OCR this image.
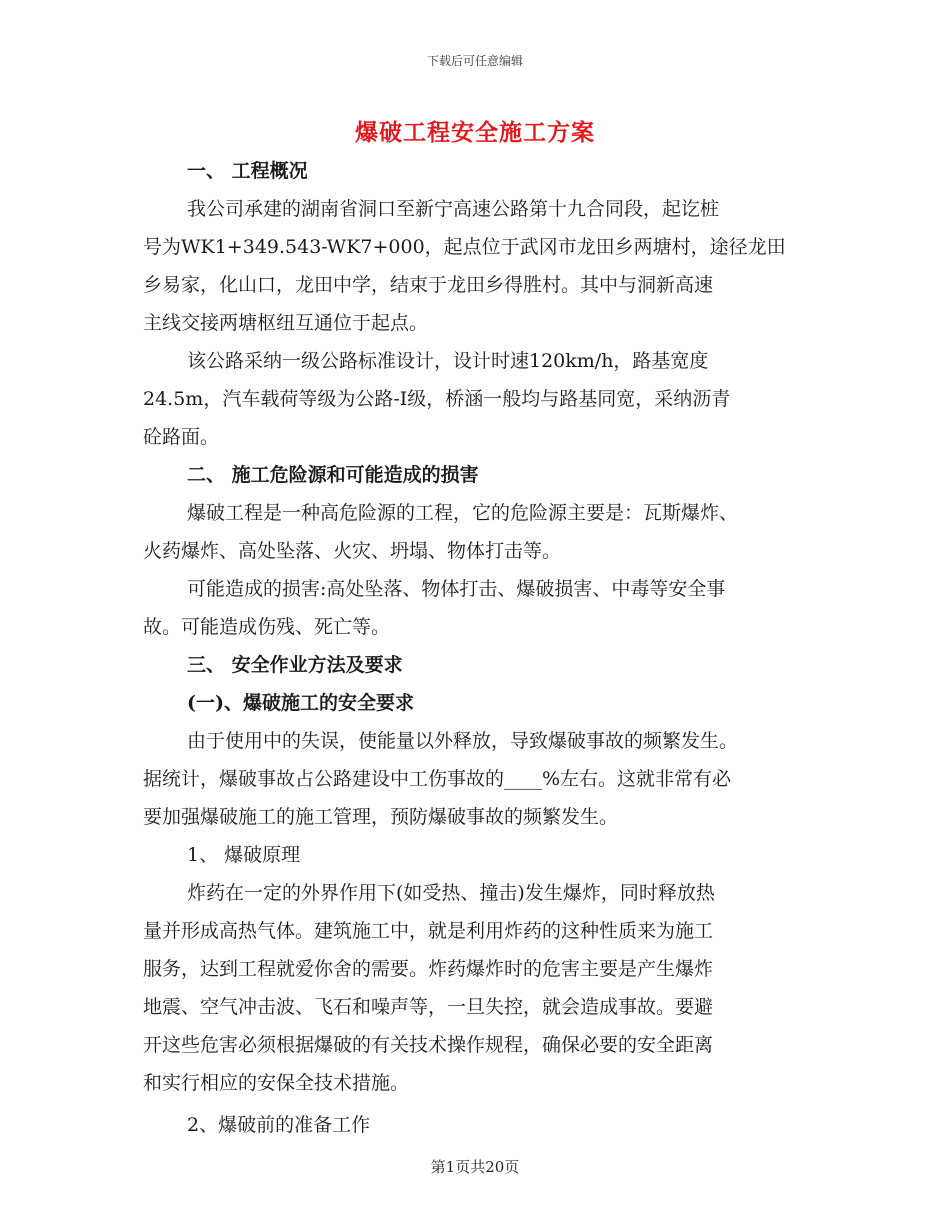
下载后可任意编辑
爆破工程安全施工方案
一、 工程概况
我公司承建的湖南省洞口至新宁高速公路第十九合同段，起讫桩
号为WK1+349.543-WK7+000，起点位于武冈市龙田乡两塘村，途径龙田
乡易家，化山口，龙田中学，结束于龙田乡得胜村。其中与洞新高速
主线交接两塘枢纽互通位于起点。
该公路采纳一级公路标准设计，设计时速120km/h，路基宽度
24.5m，汽车载荷等级为公路-I级，桥涵一般均与路基同宽，采纳沥青
砼路面。
二、 施工危险源和可能造成的损害
爆破工程是一种高危险源的工程，它的危险源主要是：瓦斯爆炸、
火药爆炸、高处坠落、火灾、坍塌、物体打击等。
可能造成的损害:高处坠落、物体打击、爆破损害、中毒等安全事
故。可能造成伤残、死亡等。
三、 安全作业方法及要求
(一)、爆破施工的安全要求
由于使用中的失误，使能量以外释放，导致爆破事故的频繁发生。
据统计，爆破事故占公路建设中工伤事故的____%左右。这就非常有必
要加强爆破施工的施工管理，预防爆破事故的频繁发生。
1、 爆破原理
炸药在一定的外界作用下(如受热、撞击)发生爆炸，同时释放热
量并形成高热气体。建筑施工中，就是利用炸药的这种性质来为施工
服务，达到工程就爱你舍的需要。炸药爆炸时的危害主要是产生爆炸
地震、空气冲击波、飞石和噪声等，一旦失控，就会造成事故。要避
开这些危害必须根据爆破的有关技术操作规程，确保必要的安全距离
和实行相应的安保全技术措施。
2、爆破前的准备工作
第1页共20页
